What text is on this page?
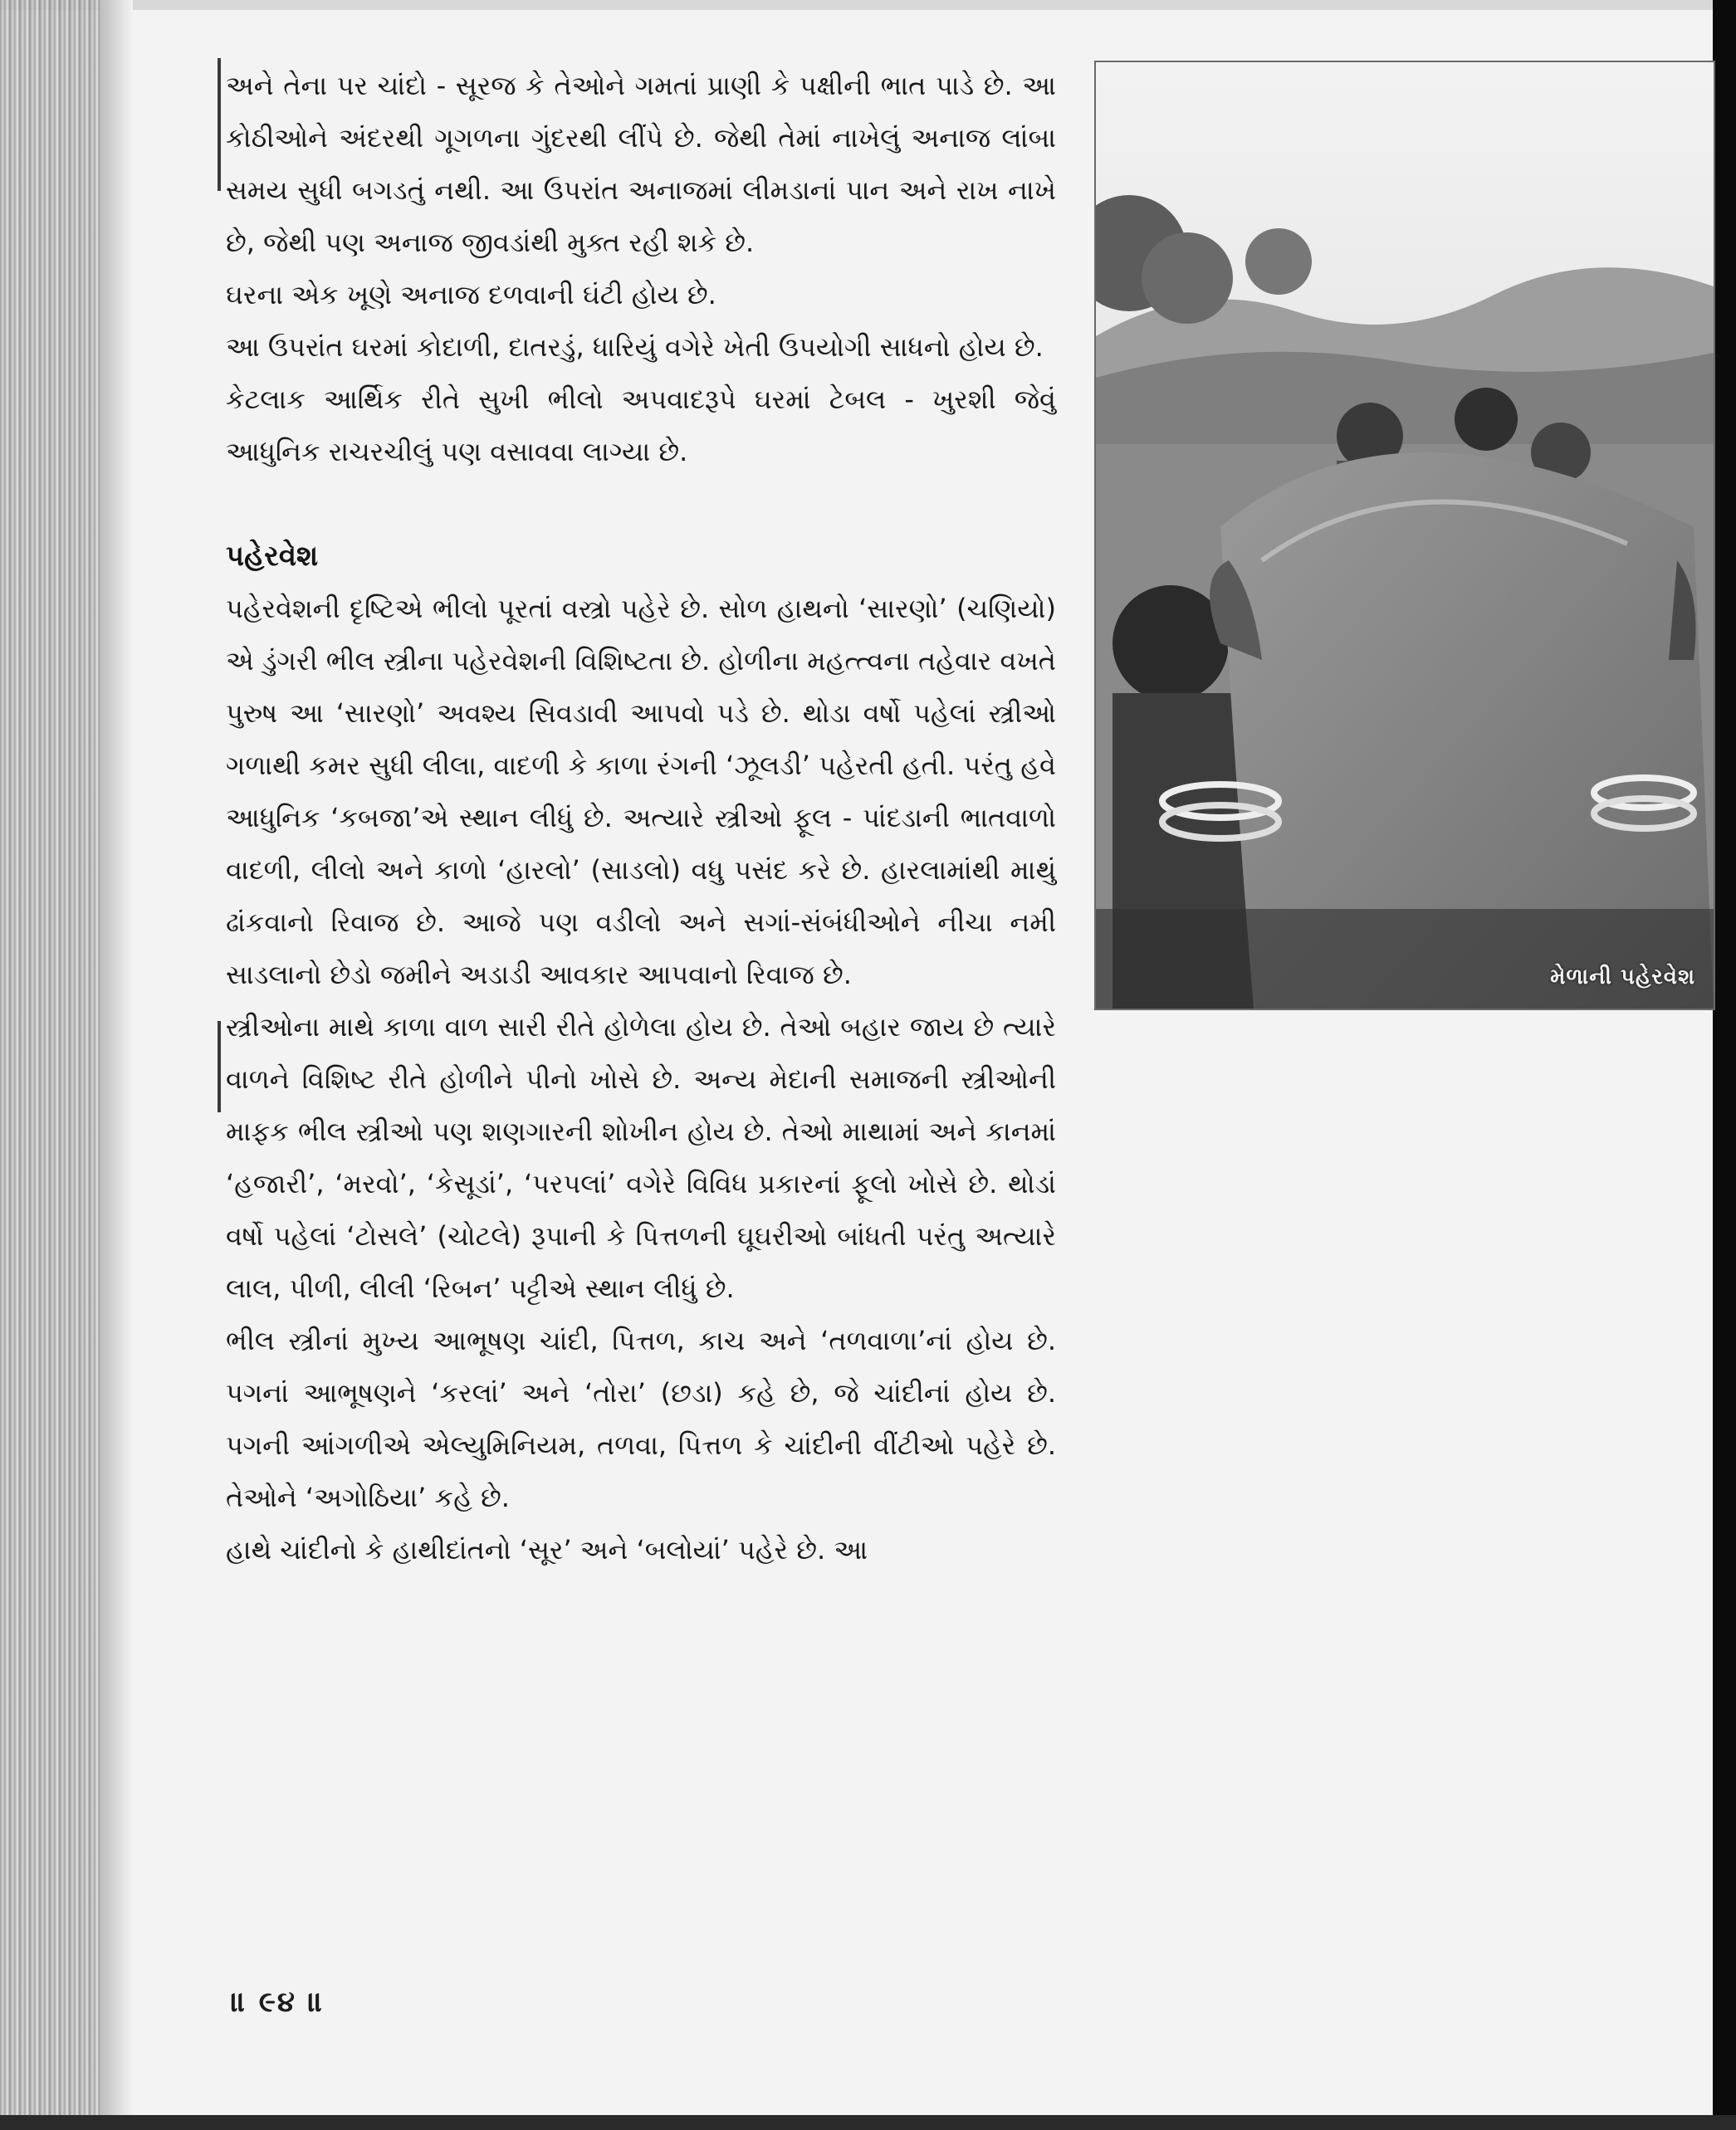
અને તેના પર ચાંદો - સૂરજ કે તેઓને ગમતાં પ્રાણી કે પક્ષીની ભાત પાડે છે. આ કોઠીઓને અંદરથી ગૂગળના ગુંદરથી લીંપે છે. જેથી તેમાં નાખેલું અનાજ લાંબા સમય સુધી બગડતું નથી. આ ઉપરાંત અનાજમાં લીમડાનાં પાન અને રાખ નાખે છે, જેથી પણ અનાજ જીવડાંથી મુક્ત રહી શકે છે.

ઘરના એક ખૂણે અનાજ દળવાની ઘંટી હોય છે.

આ ઉપરાંત ઘરમાં કોદાળી, દાતરડું, ધારિયું વગેરે ખેતી ઉપયોગી સાધનો હોય છે.

કેટલાક આર્થિક રીતે સુખી ભીલો અપવાદરૂપે ઘરમાં ટેબલ - ખુરશી જેવું આધુનિક રાચરચીલું પણ વસાવવા લાગ્યા છે.

પહેરવેશ

પહેરવેશની દૃષ્ટિએ ભીલો પૂરતાં વસ્ત્રો પહેરે છે. સોળ હાથનો ‘સારણો’ (ચણિયો) એ ડુંગરી ભીલ સ્ત્રીના પહેરવેશની વિશિષ્ટતા છે. હોળીના મહત્ત્વના તહેવાર વખતે પુરુષ આ ‘સારણો’ અવશ્ય સિવડાવી આપવો પડે છે. થોડા વર્ષો પહેલાં સ્ત્રીઓ ગળાથી કમર સુધી લીલા, વાદળી કે કાળા રંગની ‘ઝૂલડી’ પહેરતી હતી. પરંતુ હવે આધુનિક ‘કબજા’એ સ્થાન લીધું છે. અત્યારે સ્ત્રીઓ ફૂલ - પાંદડાની ભાતવાળો વાદળી, લીલો અને કાળો ‘હારલો’ (સાડલો) વધુ પસંદ કરે છે. હારલામાંથી માથું ઢાંકવાનો રિવાજ છે. આજે પણ વડીલો અને સગાં-સંબંધીઓને નીચા નમી સાડલાનો છેડો જમીને અડાડી આવકાર આપવાનો રિવાજ છે.

સ્ત્રીઓના માથે કાળા વાળ સારી રીતે હોળેલા હોય છે. તેઓ બહાર જાય છે ત્યારે વાળને વિશિષ્ટ રીતે હોળીને પીનો ખોસે છે. અન્ય મેદાની સમાજની સ્ત્રીઓની માફક ભીલ સ્ત્રીઓ પણ શણગારની શોખીન હોય છે. તેઓ માથામાં અને કાનમાં ‘હજારી’, ‘મરવો’, ‘કેસૂડાં’, ‘પરપલાં’ વગેરે વિવિધ પ્રકારનાં ફૂલો ખોસે છે. થોડાં વર્ષો પહેલાં ‘ટોસલે’ (ચોટલે) રૂપાની કે પિત્તળની ઘૂઘરીઓ બાંધતી પરંતુ અત્યારે લાલ, પીળી, લીલી ‘રિબન’ પટ્ટીએ સ્થાન લીધું છે.

ભીલ સ્ત્રીનાં મુખ્ય આભૂષણ ચાંદી, પિત્તળ, કાચ અને ‘તળવાળા’નાં હોય છે. પગનાં આભૂષણને ‘કરલાં’ અને ‘તોરા’ (છડા) કહે છે, જે ચાંદીનાં હોય છે. પગની આંગળીએ એલ્યુમિનિયમ, તળવા, પિત્તળ કે ચાંદીની વીંટીઓ પહેરે છે. તેઓને ‘અગોઠિયા’ કહે છે.

હાથે ચાંદીનો કે હાથીદાંતનો ‘સૂર’ અને ‘બલોયાં’ પહેરે છે. આ

મેળાની પહેરવેશ
॥ ૯૪ ॥
